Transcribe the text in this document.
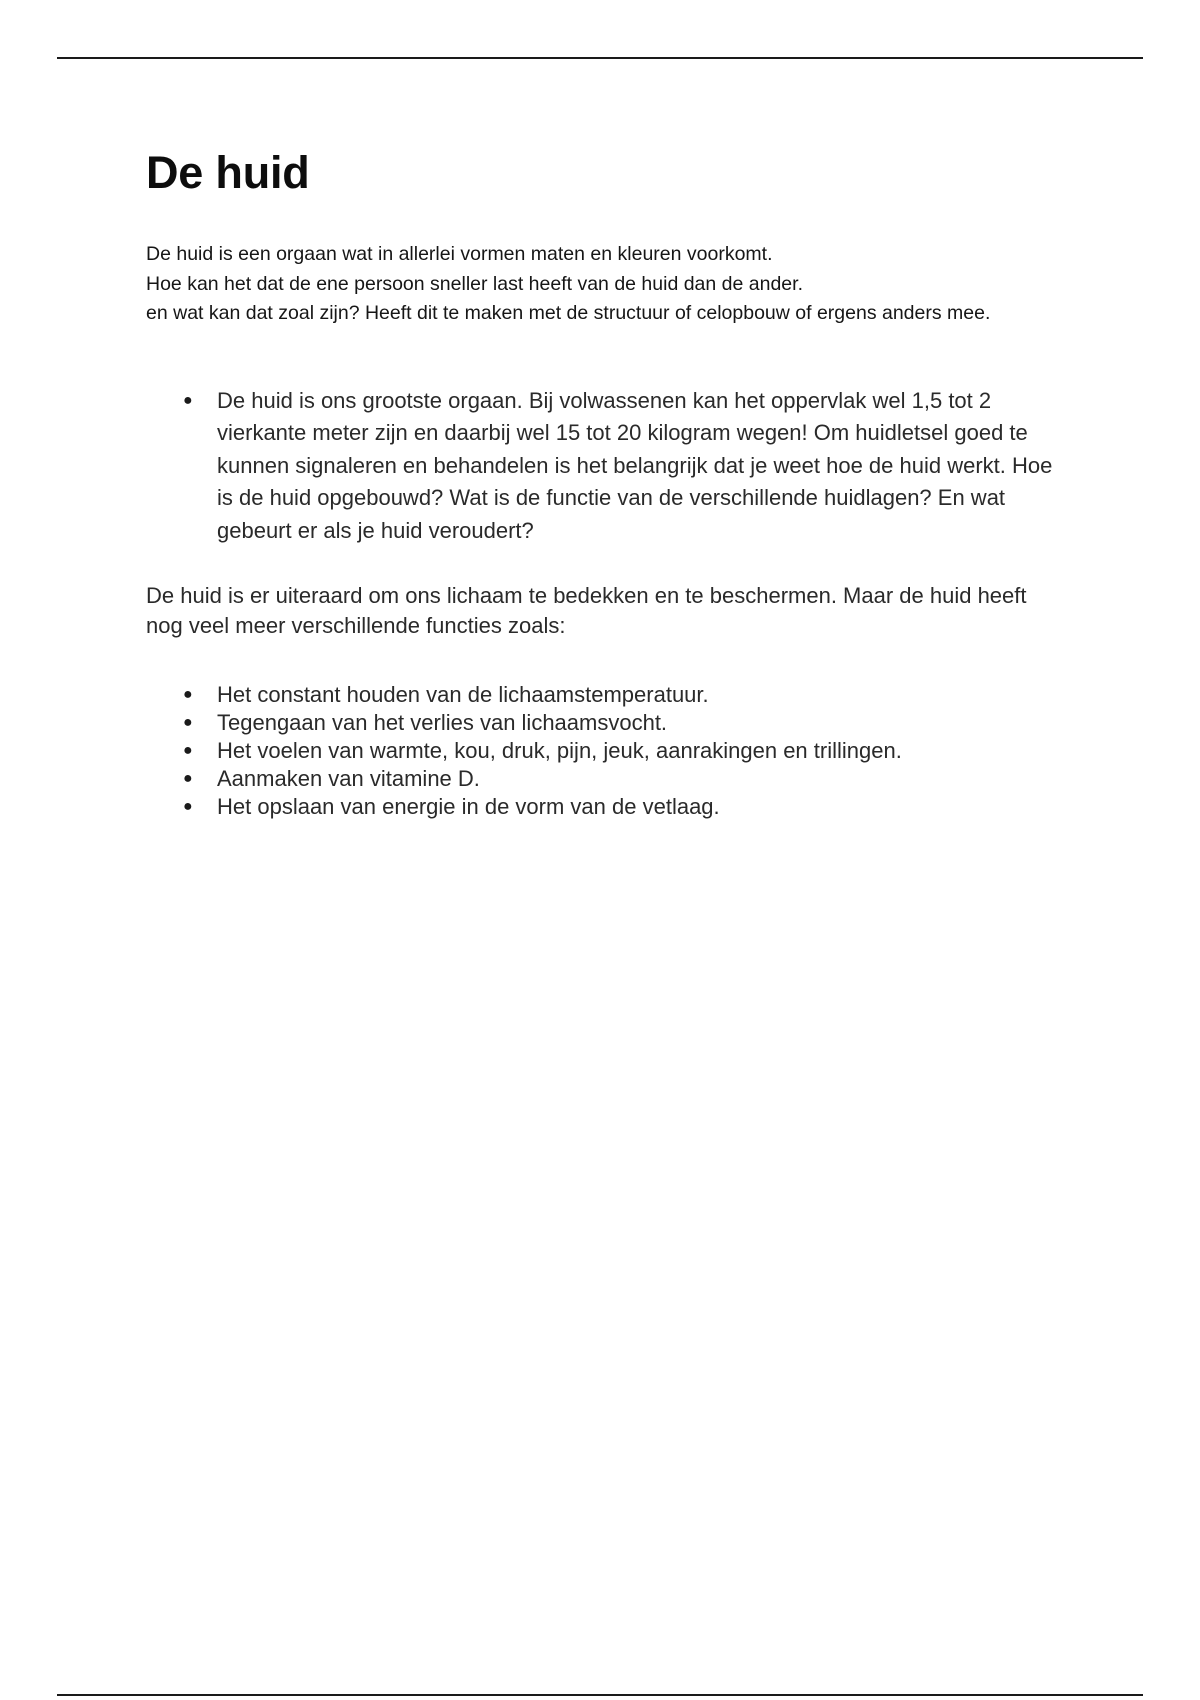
De huid
De huid is een orgaan wat in allerlei vormen maten en kleuren voorkomt.
Hoe kan het dat de ene persoon sneller last heeft van de huid dan de ander.
en wat kan dat zoal zijn? Heeft dit te maken met de structuur of celopbouw of ergens anders mee.
● De huid is ons grootste orgaan. Bij volwassenen kan het oppervlak wel 1,5 tot 2 vierkante meter zijn en daarbij wel 15 tot 20 kilogram wegen! Om huidletsel goed te kunnen signaleren en behandelen is het belangrijk dat je weet hoe de huid werkt. Hoe is de huid opgebouwd? Wat is de functie van de verschillende huidlagen? En wat gebeurt er als je huid veroudert?
De huid is er uiteraard om ons lichaam te bedekken en te beschermen. Maar de huid heeft nog veel meer verschillende functies zoals:
● Het constant houden van de lichaamstemperatuur.
● Tegengaan van het verlies van lichaamsvocht.
● Het voelen van warmte, kou, druk, pijn, jeuk, aanrakingen en trillingen.
● Aanmaken van vitamine D.
● Het opslaan van energie in de vorm van de vetlaag.
